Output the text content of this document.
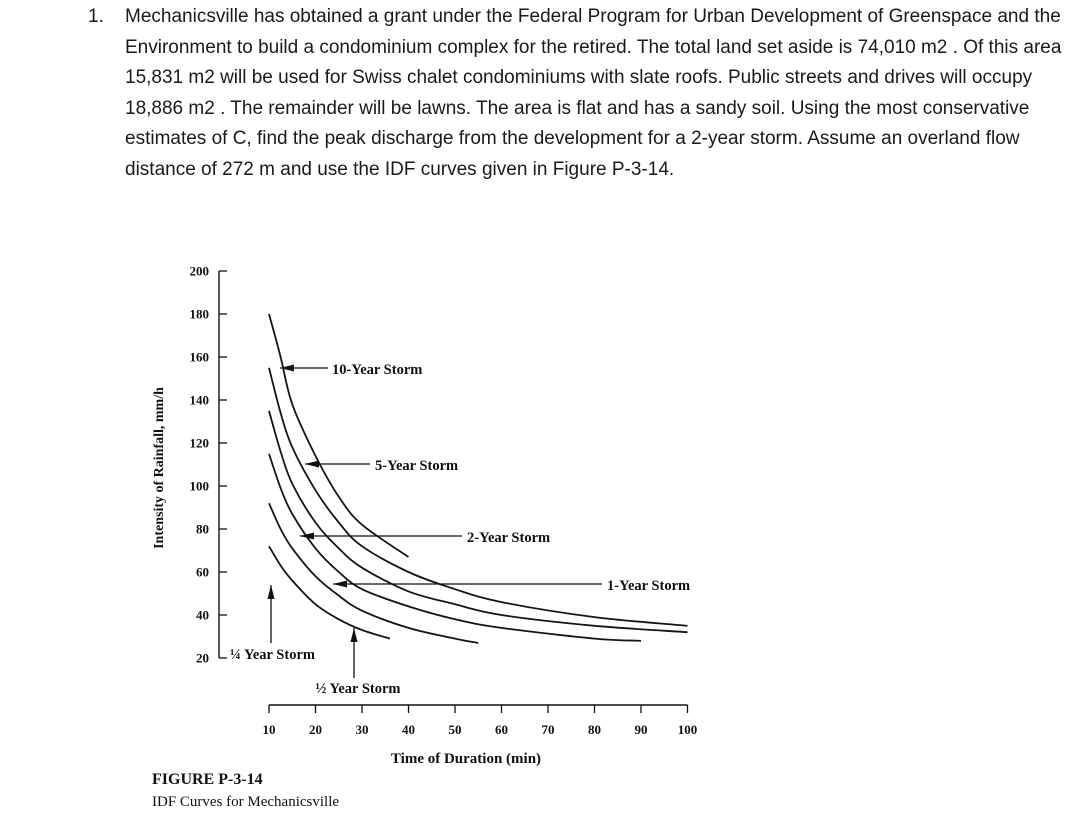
1. Mechanicsville has obtained a grant under the Federal Program for Urban Development of Greenspace and the Environment to build a condominium complex for the retired. The total land set aside is 74,010 m2 . Of this area 15,831 m2 will be used for Swiss chalet condominiums with slate roofs. Public streets and drives will occupy 18,886 m2 . The remainder will be lawns. The area is flat and has a sandy soil. Using the most conservative estimates of C, find the peak discharge from the development for a 2-year storm. Assume an overland flow distance of 272 m and use the IDF curves given in Figure P-3-14.
20
40
60
80
100
120
140
160
180
200
10	20	30	40	50	60	70	80	90 100
10-Year Storm
5-Year Storm
2-Year Storm
1-Year Storm
¼ Year Storm
½ Year Storm
Intensity of Rainfall, mm/h
Time of Duration (min)
FIGURE P-3-14
IDF Curves for Mechanicsville
